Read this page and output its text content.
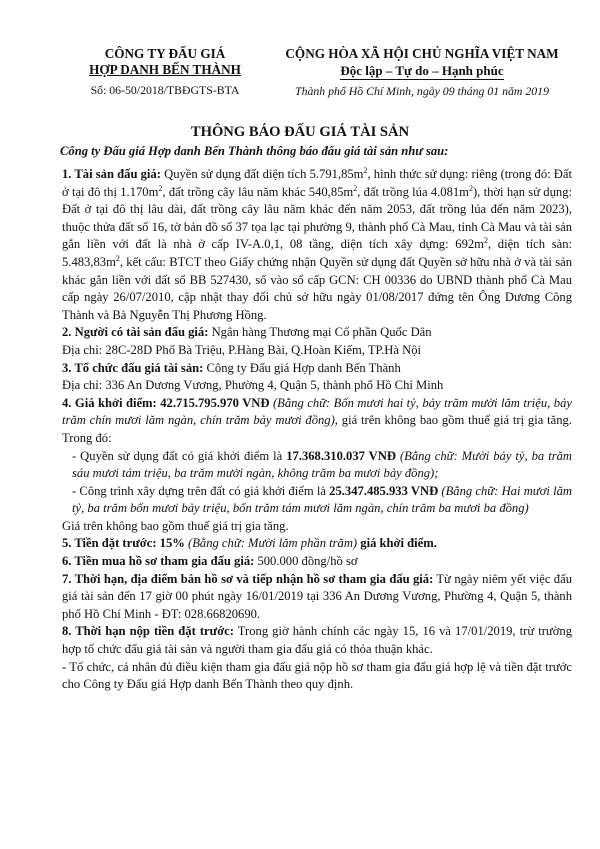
CÔNG TY ĐẤU GIÁ
HỢP DANH BẾN THÀNH
Số: 06-50/2018/TBĐGTS-BTA
CỘNG HÒA XÃ HỘI CHỦ NGHĨA VIỆT NAM
Độc lập – Tự do – Hạnh phúc
Thành phố Hồ Chí Minh, ngày 09 tháng 01 năm 2019
THÔNG BÁO ĐẤU GIÁ TÀI SẢN
Công ty Đấu giá Hợp danh Bến Thành thông báo đấu giá tài sản như sau:

1. Tài sản đấu giá: Quyền sử dụng đất diện tích $5.791,85m^2$, hình thức sử dụng: riêng (trong đó: Đất ở tại đô thị $1.170m^2$, đất trồng cây lâu năm khác $540,85m^2$, đất trồng lúa $4.081m^2$), thời hạn sử dụng: Đất ở tại đô thị lâu dài, đất trồng cây lâu năm khác đến năm 2053, đất trồng lúa đến năm 2023), thuộc thửa đất số 16, tờ bản đồ số 37 tọa lạc tại phường 9, thành phố Cà Mau, tỉnh Cà Mau và tài sản gắn liền với đất là nhà ở cấp IV-A.0,1, 08 tầng, diện tích xây dựng: $692m^2$, diện tích sàn: $5.483,83m^2$, kết cấu: BTCT theo Giấy chứng nhận Quyền sử dụng đất Quyền sở hữu nhà ở và tài sản khác gắn liền với đất số BB 527430, số vào sổ cấp GCN: CH 00336 do UBND thành phố Cà Mau cấp ngày 26/07/2010, cập nhật thay đổi chủ sở hữu ngày 01/08/2017 đứng tên Ông Dương Công Thành và Bà Nguyễn Thị Phương Hồng.

2. Người có tài sản đấu giá: Ngân hàng Thương mại Cổ phần Quốc Dân

Địa chỉ: 28C-28D Phố Bà Triệu, P.Hàng Bài, Q.Hoàn Kiếm, TP.Hà Nội

3. Tổ chức đấu giá tài sản: Công ty Đấu giá Hợp danh Bến Thành

Địa chỉ: 336 An Dương Vương, Phường 4, Quận 5, thành phố Hồ Chí Minh

4. Giá khởi điểm: 42.715.795.970 VNĐ (Bằng chữ: Bốn mươi hai tỷ, bảy trăm mười lăm triệu, bảy trăm chín mươi lăm ngàn, chín trăm bảy mươi đồng), giá trên không bao gồm thuế giá trị gia tăng. Trong đó:

- Quyền sử dụng đất có giá khởi điểm là 17.368.310.037 VNĐ (Bằng chữ: Mười bảy tỷ, ba trăm sáu mươi tám triệu, ba trăm mười ngàn, không trăm ba mươi bảy đồng);

- Công trình xây dựng trên đất có giá khởi điểm là 25.347.485.933 VNĐ (Bằng chữ: Hai mươi lăm tỷ, ba trăm bốn mươi bảy triệu, bốn trăm tám mươi lăm ngàn, chín trăm ba mươi ba đồng)

Giá trên không bao gồm thuế giá trị gia tăng.

5. Tiền đặt trước: 15% (Bằng chữ: Mười lăm phần trăm) giá khởi điểm.

6. Tiền mua hồ sơ tham gia đấu giá: 500.000 đồng/hồ sơ

7. Thời hạn, địa điểm bán hồ sơ và tiếp nhận hồ sơ tham gia đấu giá: Từ ngày niêm yết việc đấu giá tài sản đến 17 giờ 00 phút ngày 16/01/2019 tại 336 An Dương Vương, Phường 4, Quận 5, thành phố Hồ Chí Minh - ĐT: 028.66820690.

8. Thời hạn nộp tiền đặt trước: Trong giờ hành chính các ngày 15, 16 và 17/01/2019, trừ trường hợp tổ chức đấu giá tài sản và người tham gia đấu giá có thỏa thuận khác.

- Tổ chức, cá nhân đủ điều kiện tham gia đấu giá nộp hồ sơ tham gia đấu giá hợp lệ và tiền đặt trước cho Công ty Đấu giá Hợp danh Bến Thành theo quy định.
